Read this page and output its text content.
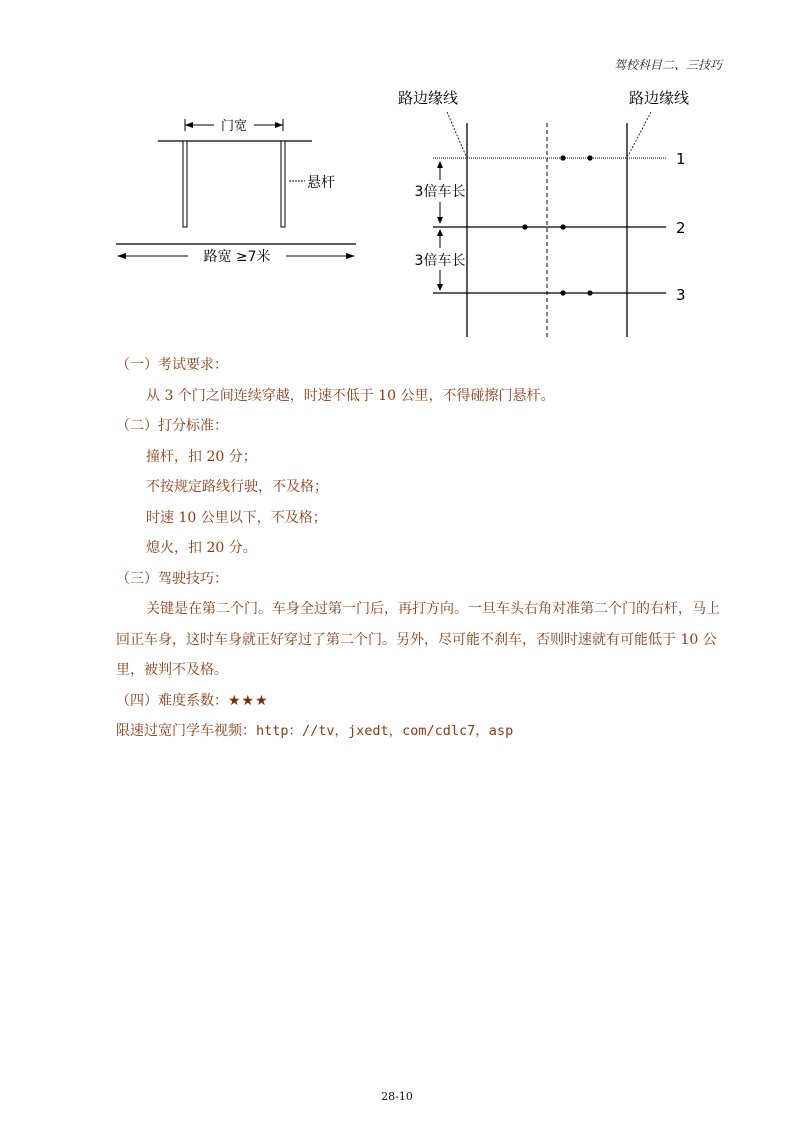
驾校科目二、三技巧
门宽
悬杆
路宽 ≥7米
路边缘线	路边缘线
1
2
3
3倍车长
3倍车长

（一）考试要求：

从 3 个门之间连续穿越，时速不低于 10 公里，不得碰擦门悬杆。

（二）打分标准：

撞杆，扣 20 分；

不按规定路线行驶，不及格；

时速 10 公里以下，不及格；

熄火，扣 20 分。

（三）驾驶技巧：

关键是在第二个门。车身全过第一门后，再打方向。一旦车头右角对准第二个门的右杆，马上回正车身，这时车身就正好穿过了第二个门。另外，尽可能不刹车，否则时速就有可能低于 10 公里，被判不及格。

（四）难度系数：★★★

限速过宽门学车视频：http：//tv，jxedt，com/cdlc7，asp

28-10
